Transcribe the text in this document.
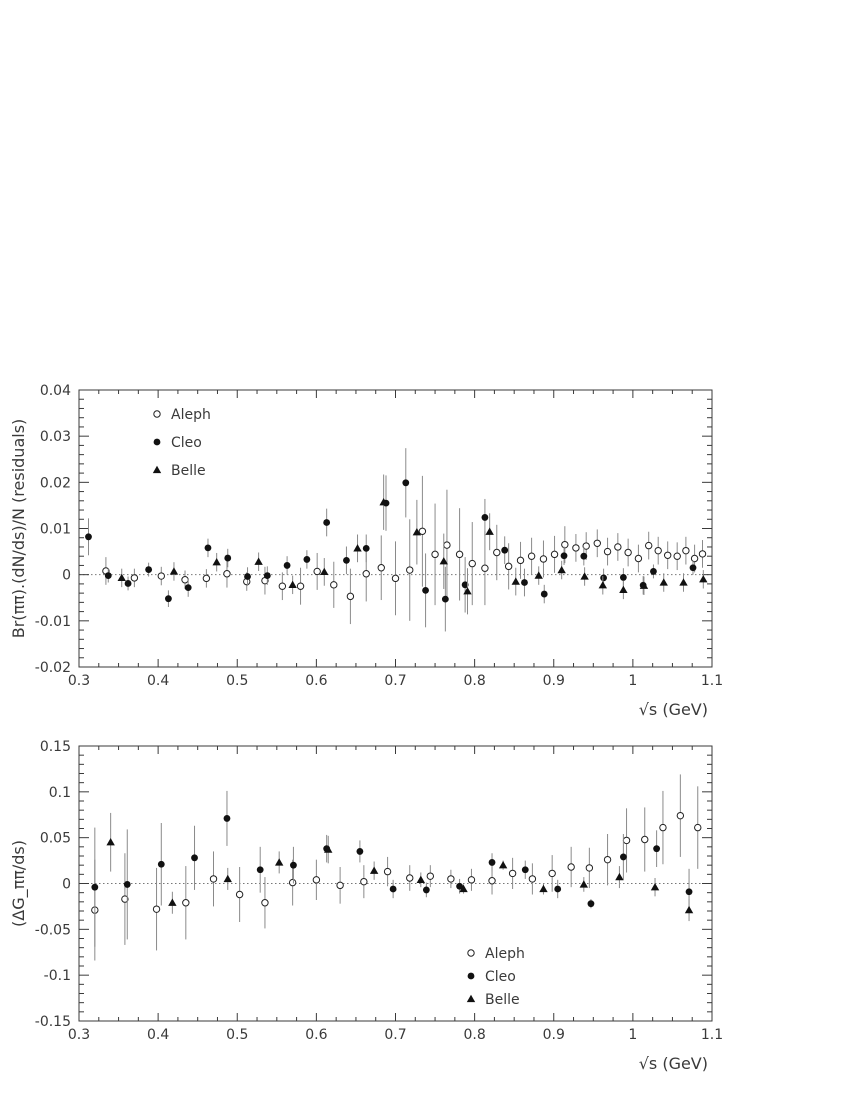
0.3	0.4	0.5	0.6	0.7	0.8	0.9	1	1.1
-0.02
-0.01
0
0.01
0.02
0.03
0.04
√s (GeV)
Br(ππ).(dN/ds)/N (residuals)
Aleph
Cleo
Belle
0.3	0.4	0.5	0.6	0.7	0.8	0.9	1	1.1
-0.15
-0.1
-0.05
0
0.05
0.1
0.15
√s (GeV)
(ΔG_ππ/ds)
Aleph
Cleo
Belle
